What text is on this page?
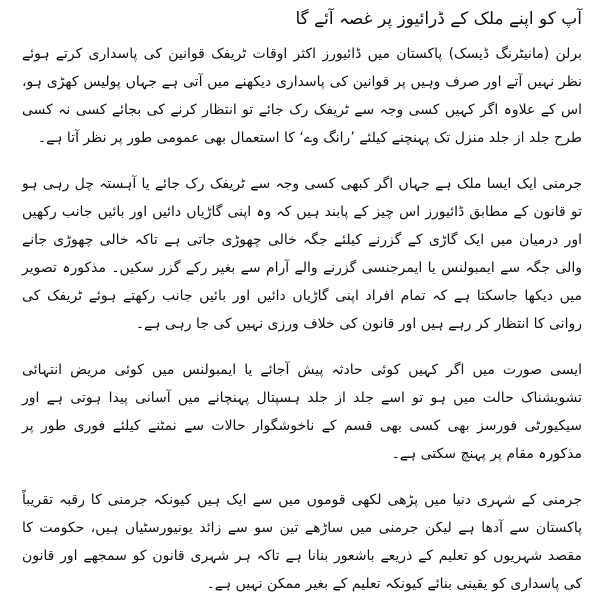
آپ کو اپنے ملک کے ڈرائیوز پر غصہ آئے گا

برلن (مانیٹرنگ ڈیسک) پاکستان میں ڈائیورز اکثر اوقات ٹریفک قوانین کی پاسداری کرتے ہوئے نظر نہیں آتے اور صرف وہیں پر قوانین کی پاسداری دیکھنے میں آتی ہے جہاں پولیس کھڑی ہو، اس کے علاوہ اگر کہیں کسی وجہ سے ٹریفک رک جائے تو انتظار کرنے کی بجائے کسی نہ کسی طرح جلد از جلد منزل تک پہنچنے کیلئے ’رانگ وے‘ کا استعمال بھی عمومی طور پر نظر آتا ہے۔

جرمنی ایک ایسا ملک ہے جہاں اگر کبھی کسی وجہ سے ٹریفک رک جائے یا آہستہ چل رہی ہو تو قانون کے مطابق ڈائیورز اس چیز کے پابند ہیں کہ وہ اپنی گاڑیاں دائیں اور بائیں جانب رکھیں اور درمیان میں ایک گاڑی کے گزرنے کیلئے جگہ خالی چھوڑی جاتی ہے تاکہ خالی چھوڑی جانے والی جگہ سے ایمبولنس یا ایمرجنسی گزرنے والے آرام سے بغیر رکے گزر سکیں۔ مذکورہ تصویر میں دیکھا جاسکتا ہے کہ تمام افراد اپنی گاڑیاں دائیں اور بائیں جانب رکھتے ہوئے ٹریفک کی روانی کا انتظار کر رہے ہیں اور قانون کی خلاف ورزی نہیں کی جا رہی ہے۔

ایسی صورت میں اگر کہیں کوئی حادثہ پیش آجائے یا ایمبولنس میں کوئی مریض انتہائی تشویشناک حالت میں ہو تو اسے جلد از جلد ہسپتال پہنچانے میں آسانی پیدا ہوتی ہے اور سیکیورٹی فورسز بھی کسی بھی قسم کے ناخوشگوار حالات سے نمٹنے کیلئے فوری طور پر مذکورہ مقام پر پہنچ سکتی ہے۔

جرمنی کے شہری دنیا میں پڑھی لکھی قوموں میں سے ایک ہیں کیونکہ جرمنی کا رقبہ تقریباً پاکستان سے آدھا ہے لیکن جرمنی میں ساڑھے تین سو سے زائد یونیورسٹیاں ہیں، حکومت کا مقصد شہریوں کو تعلیم کے ذریعے باشعور بنانا ہے تاکہ ہر شہری قانون کو سمجھے اور قانون کی پاسداری کو یقینی بنائے کیونکہ تعلیم کے بغیر ممکن نہیں ہے۔
